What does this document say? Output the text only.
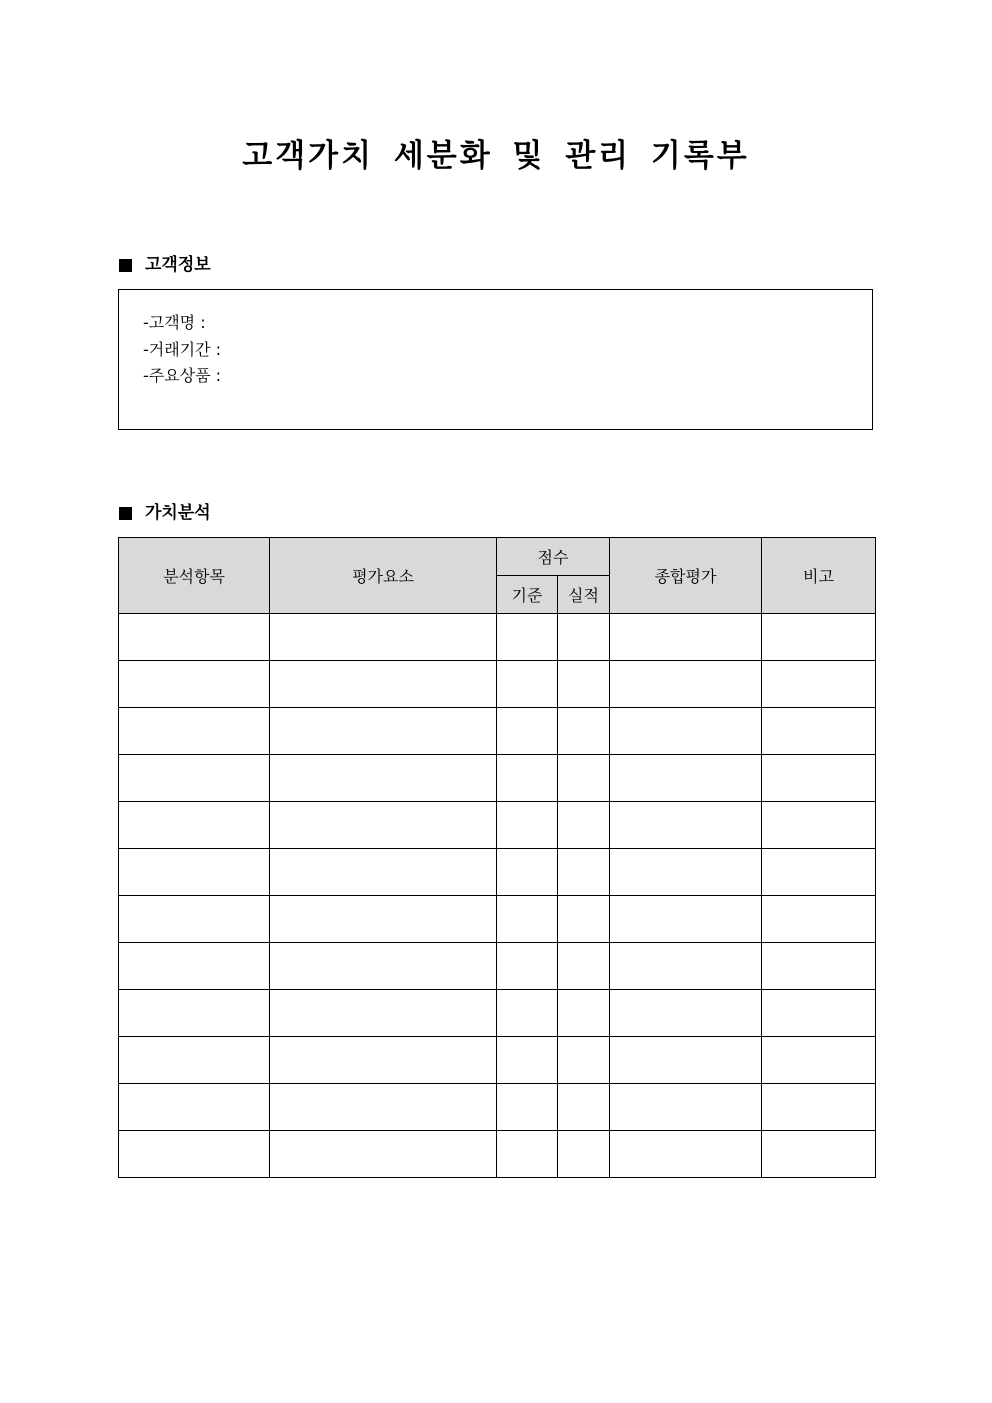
고객가치 세분화 및 관리 기록부
고객정보
-고객명 :
-거래기간 :
-주요상품 :
가치분석
분석항목	평가요소	점수		종합평가	비고
		기준	실적		
